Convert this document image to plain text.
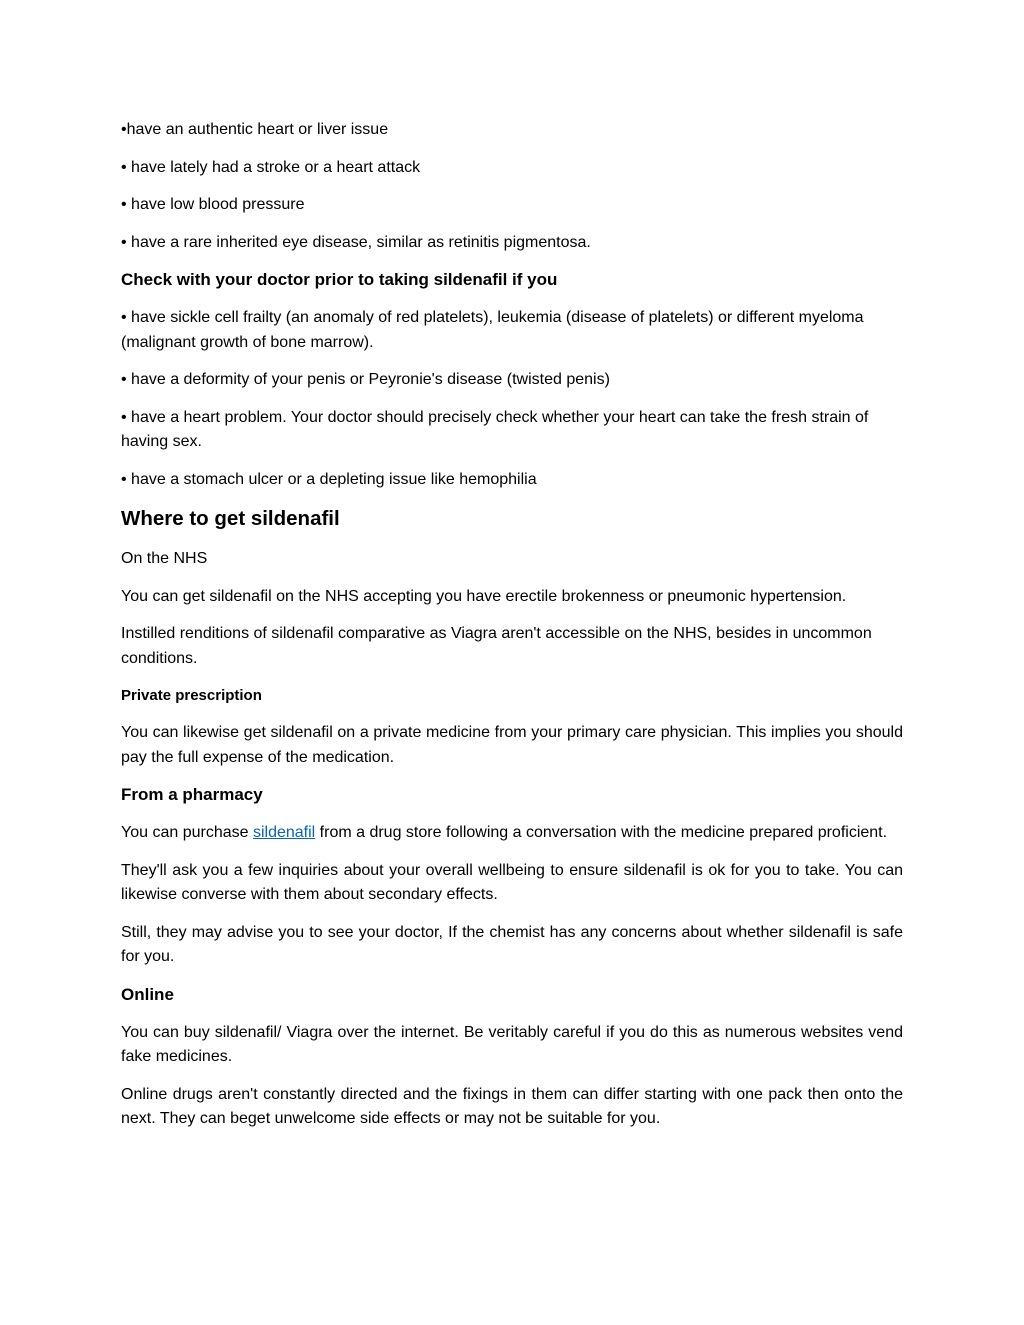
•have an authentic heart or liver issue

• have lately had a stroke or a heart attack

• have low blood pressure

• have a rare inherited eye disease, similar as retinitis pigmentosa.

Check with your doctor prior to taking sildenafil if you

• have sickle cell frailty (an anomaly of red platelets), leukemia (disease of platelets) or different myeloma (malignant growth of bone marrow).

• have a deformity of your penis or Peyronie's disease (twisted penis)

• have a heart problem. Your doctor should precisely check whether your heart can take the fresh strain of having sex.

• have a stomach ulcer or a depleting issue like hemophilia

Where to get sildenafil

On the NHS

You can get sildenafil on the NHS accepting you have erectile brokenness or pneumonic hypertension.

Instilled renditions of sildenafil comparative as Viagra aren't accessible on the NHS, besides in uncommon conditions.

Private prescription

You can likewise get sildenafil on a private medicine from your primary care physician. This implies you should pay the full expense of the medication.

From a pharmacy

You can purchase sildenafil from a drug store following a conversation with the medicine prepared proficient.

They'll ask you a few inquiries about your overall wellbeing to ensure sildenafil is ok for you to take. You can likewise converse with them about secondary effects.

Still, they may advise you to see your doctor, If the chemist has any concerns about whether sildenafil is safe for you.

Online

You can buy sildenafil/ Viagra over the internet. Be veritably careful if you do this as numerous websites vend fake medicines.

Online drugs aren't constantly directed and the fixings in them can differ starting with one pack then onto the next. They can beget unwelcome side effects or may not be suitable for you.
